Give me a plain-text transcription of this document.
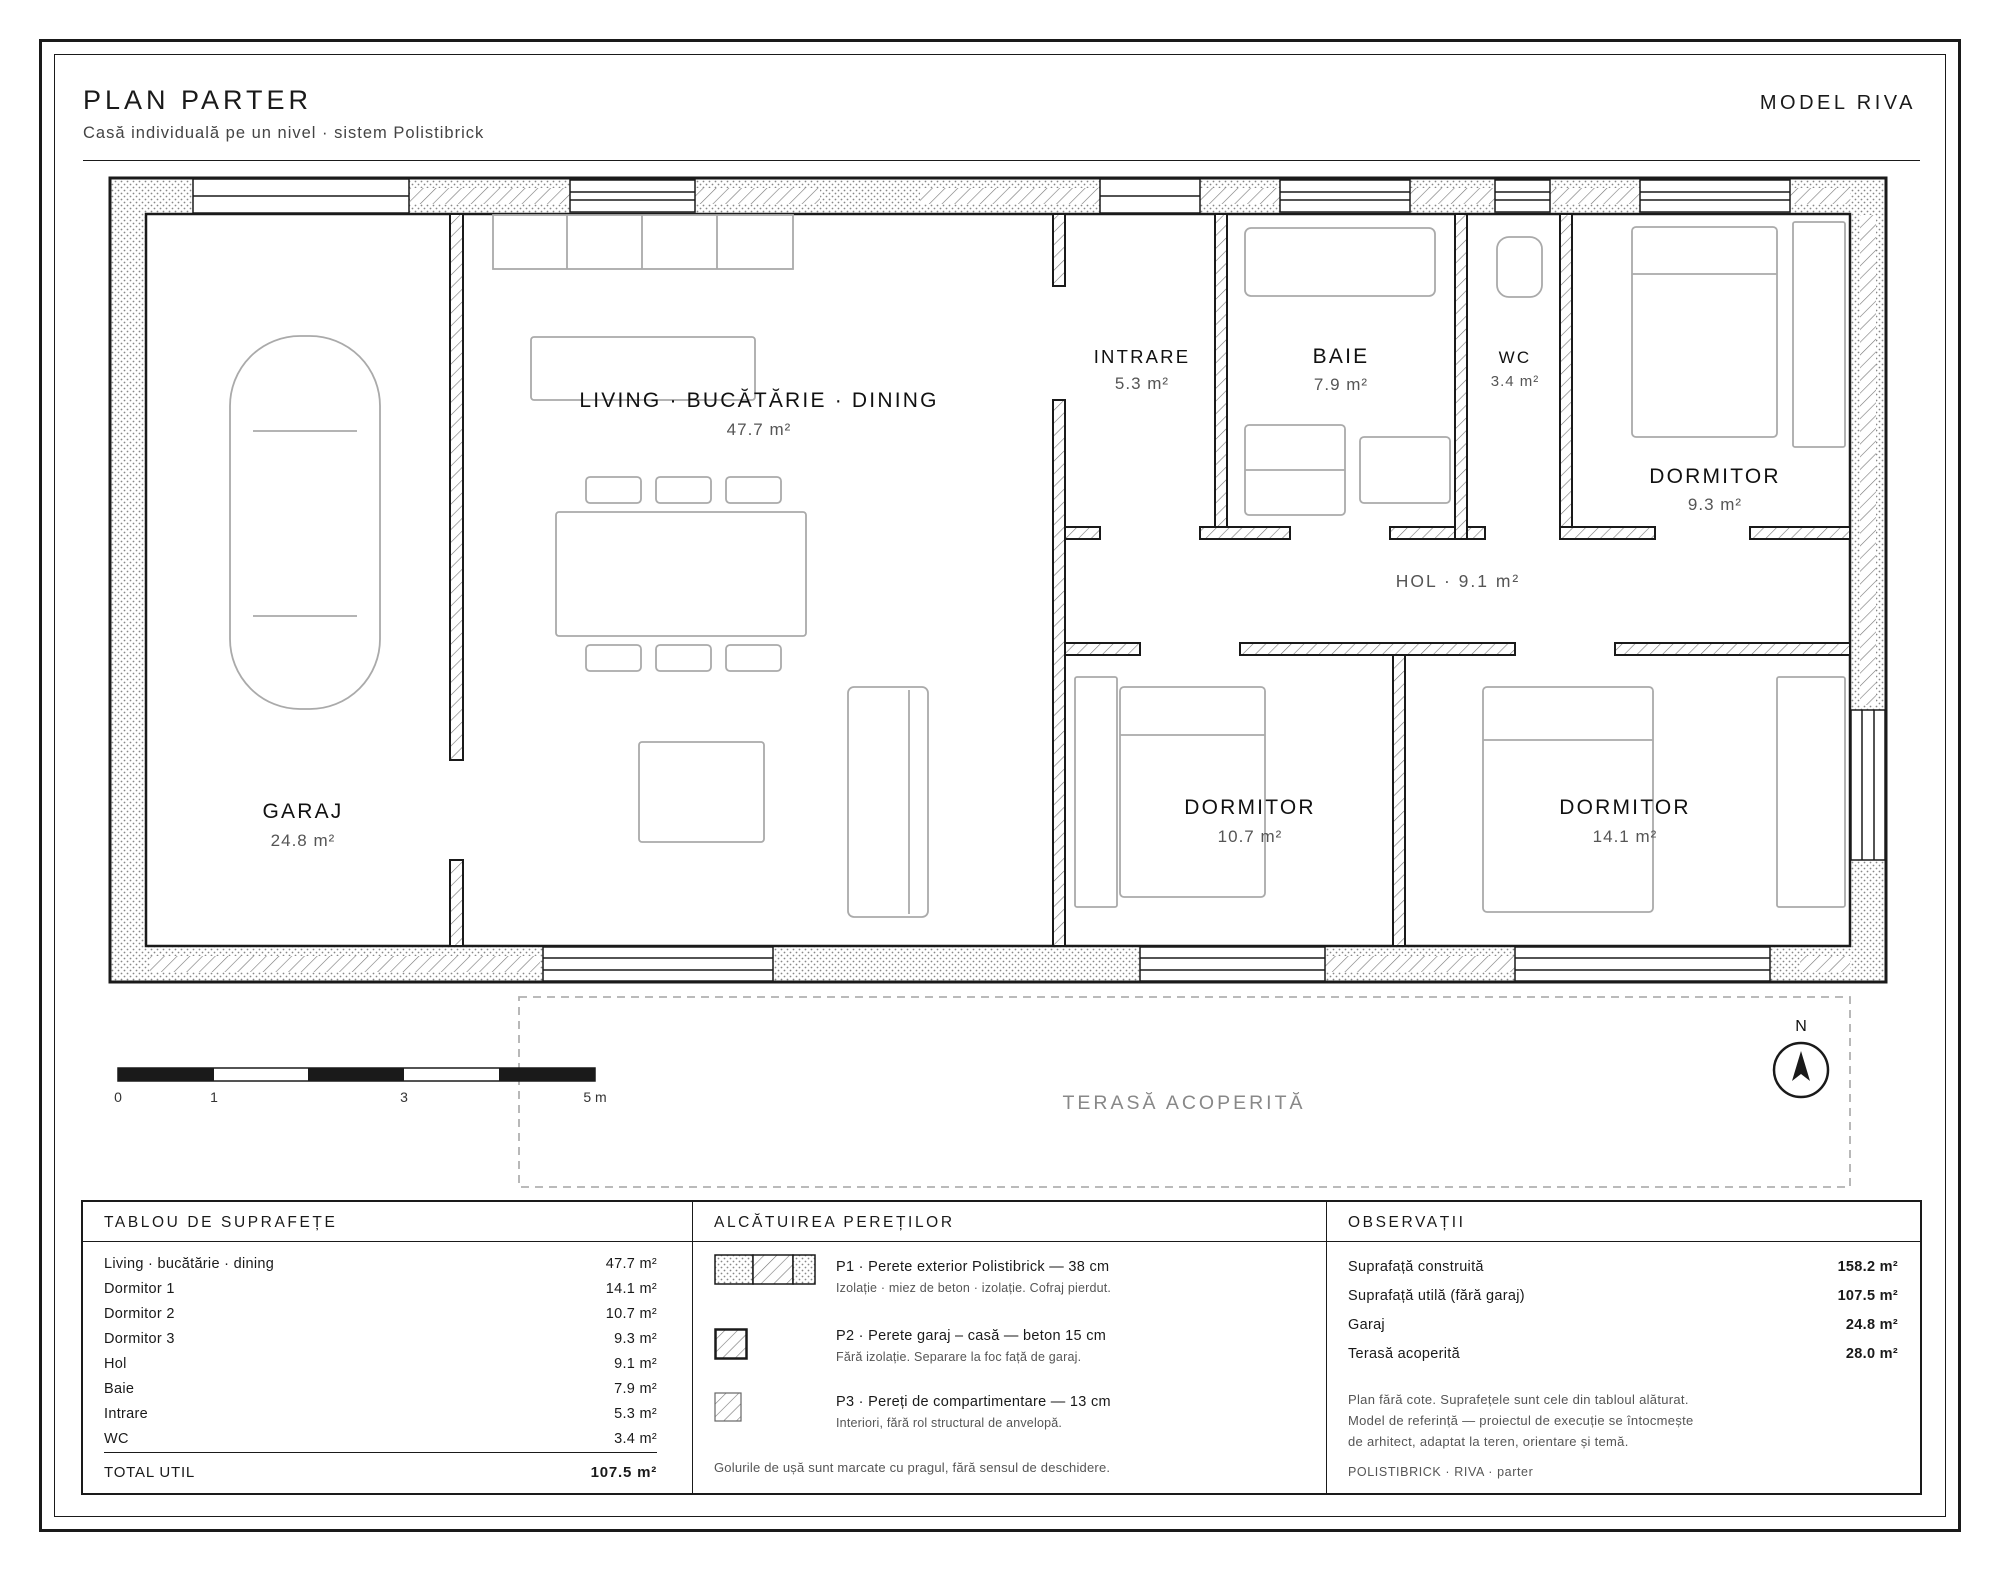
PLAN PARTER
Casă individuală pe un nivel · sistem Polistibrick
MODEL RIVA
LIVING · BUCĂTĂRIE · DINING
47.7 m²
INTRARE
5.3 m²
BAIE
7.9 m²
WC
3.4 m²
DORMITOR
9.3 m²
HOL · 9.1 m²
GARAJ
24.8 m²
DORMITOR
10.7 m²
DORMITOR
14.1 m²
TERASĂ ACOPERITĂ
0	1	3	5 m
N
TABLOU DE SUPRAFEȚE
Living · bucătărie · dining	47.7 m²
Dormitor 1	14.1 m²
Dormitor 2	10.7 m²
Dormitor 3	9.3 m²
Hol	9.1 m²
Baie	7.9 m²
Intrare	5.3 m²
WC	3.4 m²
TOTAL UTIL	107.5 m²
ALCĂTUIREA PEREȚILOR
P1 · Perete exterior Polistibrick — 38 cm
Izolație · miez de beton · izolație. Cofraj pierdut.
P2 · Perete garaj – casă — beton 15 cm
Fără izolație. Separare la foc față de garaj.
P3 · Pereți de compartimentare — 13 cm
Interiori, fără rol structural de anvelopă.
Golurile de ușă sunt marcate cu pragul, fără sensul de deschidere.
OBSERVAȚII
Suprafață construită	158.2 m²
Suprafață utilă (fără garaj)	107.5 m²
Garaj	24.8 m²
Terasă acoperită	28.0 m²
Plan fără cote. Suprafețele sunt cele din tabloul alăturat.
Model de referință — proiectul de execuție se întocmește
de arhitect, adaptat la teren, orientare și temă.
POLISTIBRICK · RIVA · parter
